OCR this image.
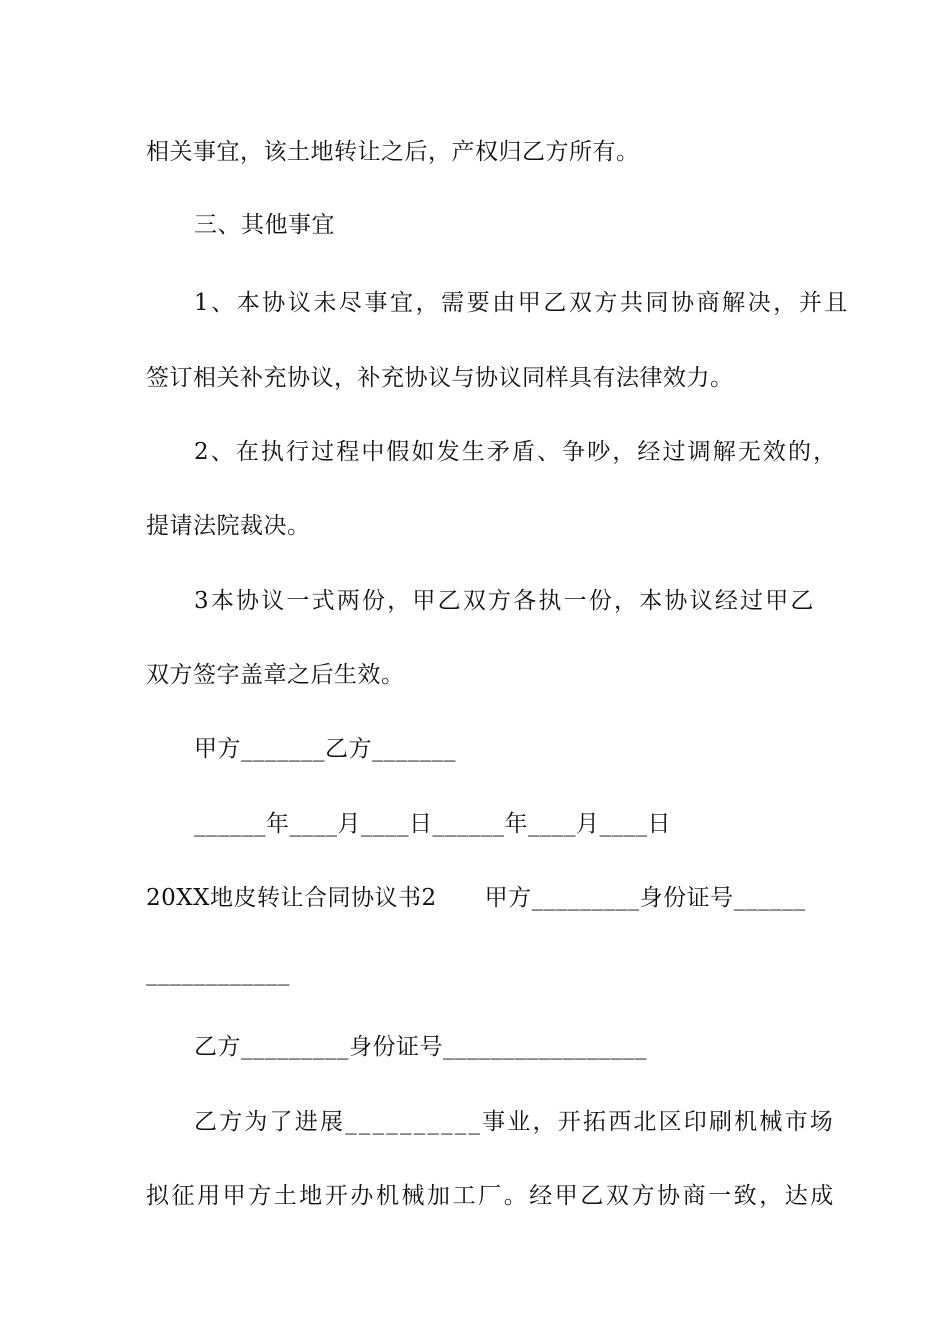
相关事宜，该土地转让之后，产权归乙方所有。
三、其他事宜
1、本协议未尽事宜，需要由甲乙双方共同协商解决，并且
签订相关补充协议，补充协议与协议同样具有法律效力。
2、在执行过程中假如发生矛盾、争吵，经过调解无效的，
提请法院裁决。
3本协议一式两份，甲乙双方各执一份，本协议经过甲乙
双方签字盖章之后生效。
甲方_______乙方_______
______年____月____日______年____月____日
20XX地皮转让合同协议书2 甲方_________身份证号______
____________
乙方_________身份证号_________________
乙方为了进展__________事业，开拓西北区印刷机械市场
拟征用甲方土地开办机械加工厂。经甲乙双方协商一致，达成
